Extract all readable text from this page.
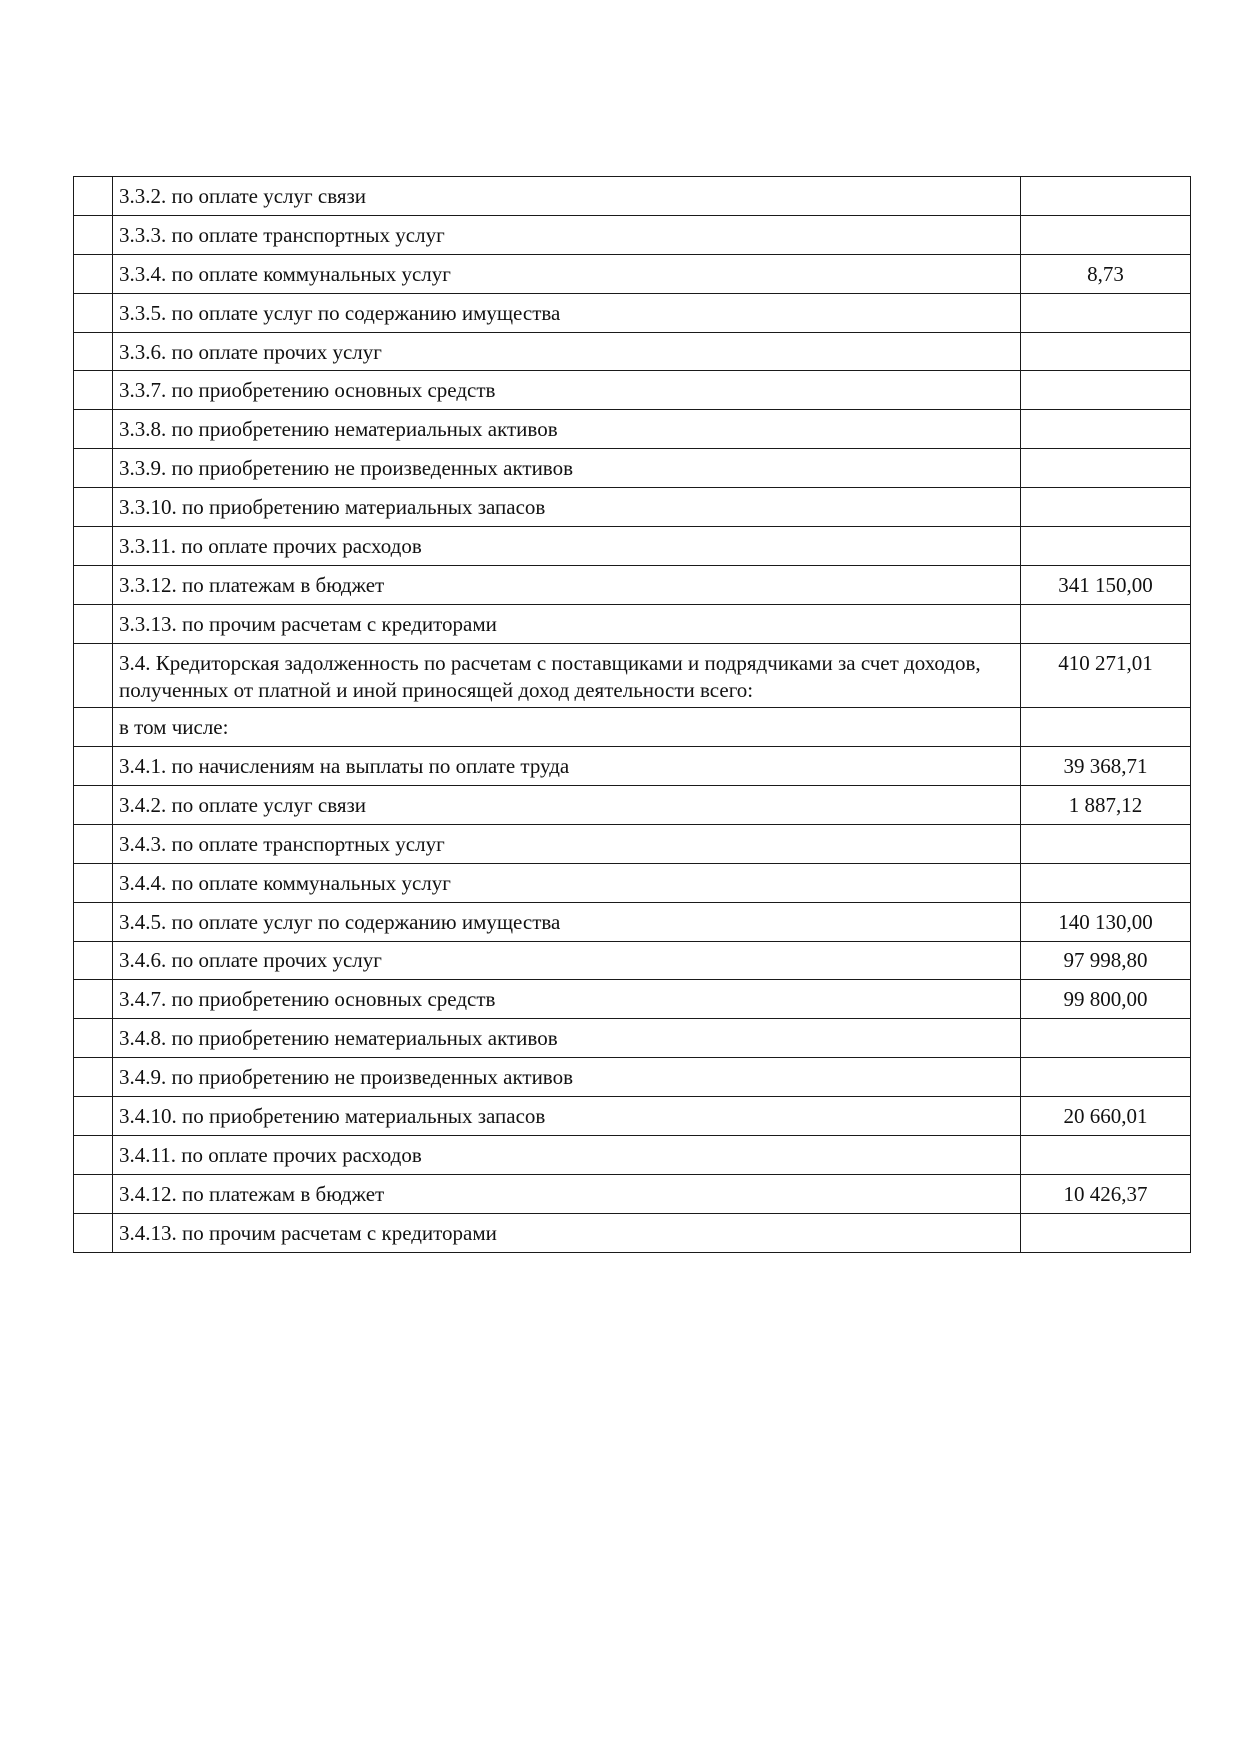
	3.3.2. по оплате услуг связи	
	3.3.3. по оплате транспортных услуг	
	3.3.4. по оплате коммунальных услуг	8,73
	3.3.5. по оплате услуг по содержанию имущества	
	3.3.6. по оплате прочих услуг	
	3.3.7. по приобретению основных средств	
	3.3.8. по приобретению нематериальных активов	
	3.3.9. по приобретению не произведенных активов	
	3.3.10. по приобретению материальных запасов	
	3.3.11. по оплате прочих расходов	
	3.3.12. по платежам в бюджет	341 150,00
	3.3.13. по прочим расчетам с кредиторами	
	3.4. Кредиторская задолженность по расчетам с поставщиками и подрядчиками за счет доходов, полученных от платной и иной приносящей доход деятельности всего:	410 271,01
	в том числе:	
	3.4.1. по начислениям на выплаты по оплате труда	39 368,71
	3.4.2. по оплате услуг связи	1 887,12
	3.4.3. по оплате транспортных услуг	
	3.4.4. по оплате коммунальных услуг	
	3.4.5. по оплате услуг по содержанию имущества	140 130,00
	3.4.6. по оплате прочих услуг	97 998,80
	3.4.7. по приобретению основных средств	99 800,00
	3.4.8. по приобретению нематериальных активов	
	3.4.9. по приобретению не произведенных активов	
	3.4.10. по приобретению материальных запасов	20 660,01
	3.4.11. по оплате прочих расходов	
	3.4.12. по платежам в бюджет	10 426,37
	3.4.13. по прочим расчетам с кредиторами	
